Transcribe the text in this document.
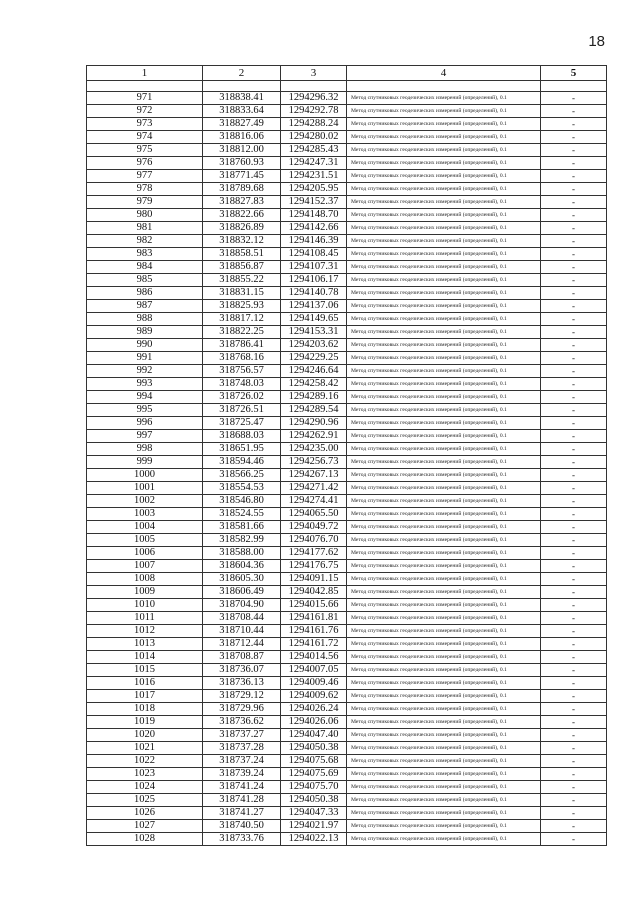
18
1	2	3	4	5

971	318838.41	1294296.32	Метод спутниковых геодезических измерений (определений), 0.1	-
972	318833.64	1294292.78	Метод спутниковых геодезических измерений (определений), 0.1	-
973	318827.49	1294288.24	Метод спутниковых геодезических измерений (определений), 0.1	-
974	318816.06	1294280.02	Метод спутниковых геодезических измерений (определений), 0.1	-
975	318812.00	1294285.43	Метод спутниковых геодезических измерений (определений), 0.1	-
976	318760.93	1294247.31	Метод спутниковых геодезических измерений (определений), 0.1	-
977	318771.45	1294231.51	Метод спутниковых геодезических измерений (определений), 0.1	-
978	318789.68	1294205.95	Метод спутниковых геодезических измерений (определений), 0.1	-
979	318827.83	1294152.37	Метод спутниковых геодезических измерений (определений), 0.1	-
980	318822.66	1294148.70	Метод спутниковых геодезических измерений (определений), 0.1	-
981	318826.89	1294142.66	Метод спутниковых геодезических измерений (определений), 0.1	-
982	318832.12	1294146.39	Метод спутниковых геодезических измерений (определений), 0.1	-
983	318858.51	1294108.45	Метод спутниковых геодезических измерений (определений), 0.1	-
984	318856.87	1294107.31	Метод спутниковых геодезических измерений (определений), 0.1	-
985	318855.22	1294106.17	Метод спутниковых геодезических измерений (определений), 0.1	-
986	318831.15	1294140.78	Метод спутниковых геодезических измерений (определений), 0.1	-
987	318825.93	1294137.06	Метод спутниковых геодезических измерений (определений), 0.1	-
988	318817.12	1294149.65	Метод спутниковых геодезических измерений (определений), 0.1	-
989	318822.25	1294153.31	Метод спутниковых геодезических измерений (определений), 0.1	-
990	318786.41	1294203.62	Метод спутниковых геодезических измерений (определений), 0.1	-
991	318768.16	1294229.25	Метод спутниковых геодезических измерений (определений), 0.1	-
992	318756.57	1294246.64	Метод спутниковых геодезических измерений (определений), 0.1	-
993	318748.03	1294258.42	Метод спутниковых геодезических измерений (определений), 0.1	-
994	318726.02	1294289.16	Метод спутниковых геодезических измерений (определений), 0.1	-
995	318726.51	1294289.54	Метод спутниковых геодезических измерений (определений), 0.1	-
996	318725.47	1294290.96	Метод спутниковых геодезических измерений (определений), 0.1	-
997	318688.03	1294262.91	Метод спутниковых геодезических измерений (определений), 0.1	-
998	318651.95	1294235.00	Метод спутниковых геодезических измерений (определений), 0.1	-
999	318594.46	1294256.73	Метод спутниковых геодезических измерений (определений), 0.1	-
1000	318566.25	1294267.13	Метод спутниковых геодезических измерений (определений), 0.1	-
1001	318554.53	1294271.42	Метод спутниковых геодезических измерений (определений), 0.1	-
1002	318546.80	1294274.41	Метод спутниковых геодезических измерений (определений), 0.1	-
1003	318524.55	1294065.50	Метод спутниковых геодезических измерений (определений), 0.1	-
1004	318581.66	1294049.72	Метод спутниковых геодезических измерений (определений), 0.1	-
1005	318582.99	1294076.70	Метод спутниковых геодезических измерений (определений), 0.1	-
1006	318588.00	1294177.62	Метод спутниковых геодезических измерений (определений), 0.1	-
1007	318604.36	1294176.75	Метод спутниковых геодезических измерений (определений), 0.1	-
1008	318605.30	1294091.15	Метод спутниковых геодезических измерений (определений), 0.1	-
1009	318606.49	1294042.85	Метод спутниковых геодезических измерений (определений), 0.1	-
1010	318704.90	1294015.66	Метод спутниковых геодезических измерений (определений), 0.1	-
1011	318708.44	1294161.81	Метод спутниковых геодезических измерений (определений), 0.1	-
1012	318710.44	1294161.76	Метод спутниковых геодезических измерений (определений), 0.1	-
1013	318712.44	1294161.72	Метод спутниковых геодезических измерений (определений), 0.1	-
1014	318708.87	1294014.56	Метод спутниковых геодезических измерений (определений), 0.1	-
1015	318736.07	1294007.05	Метод спутниковых геодезических измерений (определений), 0.1	-
1016	318736.13	1294009.46	Метод спутниковых геодезических измерений (определений), 0.1	-
1017	318729.12	1294009.62	Метод спутниковых геодезических измерений (определений), 0.1	-
1018	318729.96	1294026.24	Метод спутниковых геодезических измерений (определений), 0.1	-
1019	318736.62	1294026.06	Метод спутниковых геодезических измерений (определений), 0.1	-
1020	318737.27	1294047.40	Метод спутниковых геодезических измерений (определений), 0.1	-
1021	318737.28	1294050.38	Метод спутниковых геодезических измерений (определений), 0.1	-
1022	318737.24	1294075.68	Метод спутниковых геодезических измерений (определений), 0.1	-
1023	318739.24	1294075.69	Метод спутниковых геодезических измерений (определений), 0.1	-
1024	318741.24	1294075.70	Метод спутниковых геодезических измерений (определений), 0.1	-
1025	318741.28	1294050.38	Метод спутниковых геодезических измерений (определений), 0.1	-
1026	318741.27	1294047.33	Метод спутниковых геодезических измерений (определений), 0.1	-
1027	318740.50	1294021.97	Метод спутниковых геодезических измерений (определений), 0.1	-
1028	318733.76	1294022.13	Метод спутниковых геодезических измерений (определений), 0.1	-
